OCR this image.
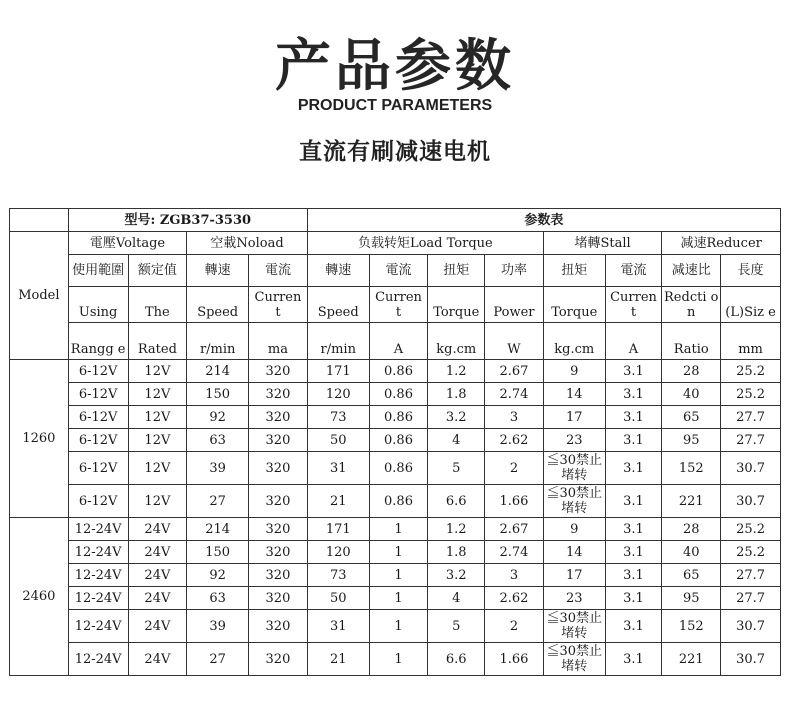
产品参数
PRODUCT PARAMETERS
直流有刷减速电机
	型号: ZGB37-3530				参数表							
Model	電壓Voltage		空載Noload		负载转矩Load Torque				堵轉Stall		减速Reducer	
	使用範圍	额定值	轉速	電流	轉速	電流	扭矩	功率	扭矩	電流	减速比	長度
	Using	The	Speed	Curren t	Speed	Curren t	Torque	Power	Torque	Curren t	Redcti on	(L)Siz e
	Rangg e	Rated	r/min	ma	r/min	A	kg.cm	W	kg.cm	A	Ratio	mm
1260	6-12V	12V	214	320	171	0.86	1.2	2.67	9	3.1	28	25.2
	6-12V	12V	150	320	120	0.86	1.8	2.74	14	3.1	40	25.2
	6-12V	12V	92	320	73	0.86	3.2	3	17	3.1	65	27.7
	6-12V	12V	63	320	50	0.86	4	2.62	23	3.1	95	27.7
	6-12V	12V	39	320	31	0.86	5	2	≦30禁止堵转	3.1	152	30.7
	6-12V	12V	27	320	21	0.86	6.6	1.66	≦30禁止堵转	3.1	221	30.7
2460	12-24V	24V	214	320	171	1	1.2	2.67	9	3.1	28	25.2
	12-24V	24V	150	320	120	1	1.8	2.74	14	3.1	40	25.2
	12-24V	24V	92	320	73	1	3.2	3	17	3.1	65	27.7
	12-24V	24V	63	320	50	1	4	2.62	23	3.1	95	27.7
	12-24V	24V	39	320	31	1	5	2	≦30禁止堵转	3.1	152	30.7
	12-24V	24V	27	320	21	1	6.6	1.66	≦30禁止堵转	3.1	221	30.7
